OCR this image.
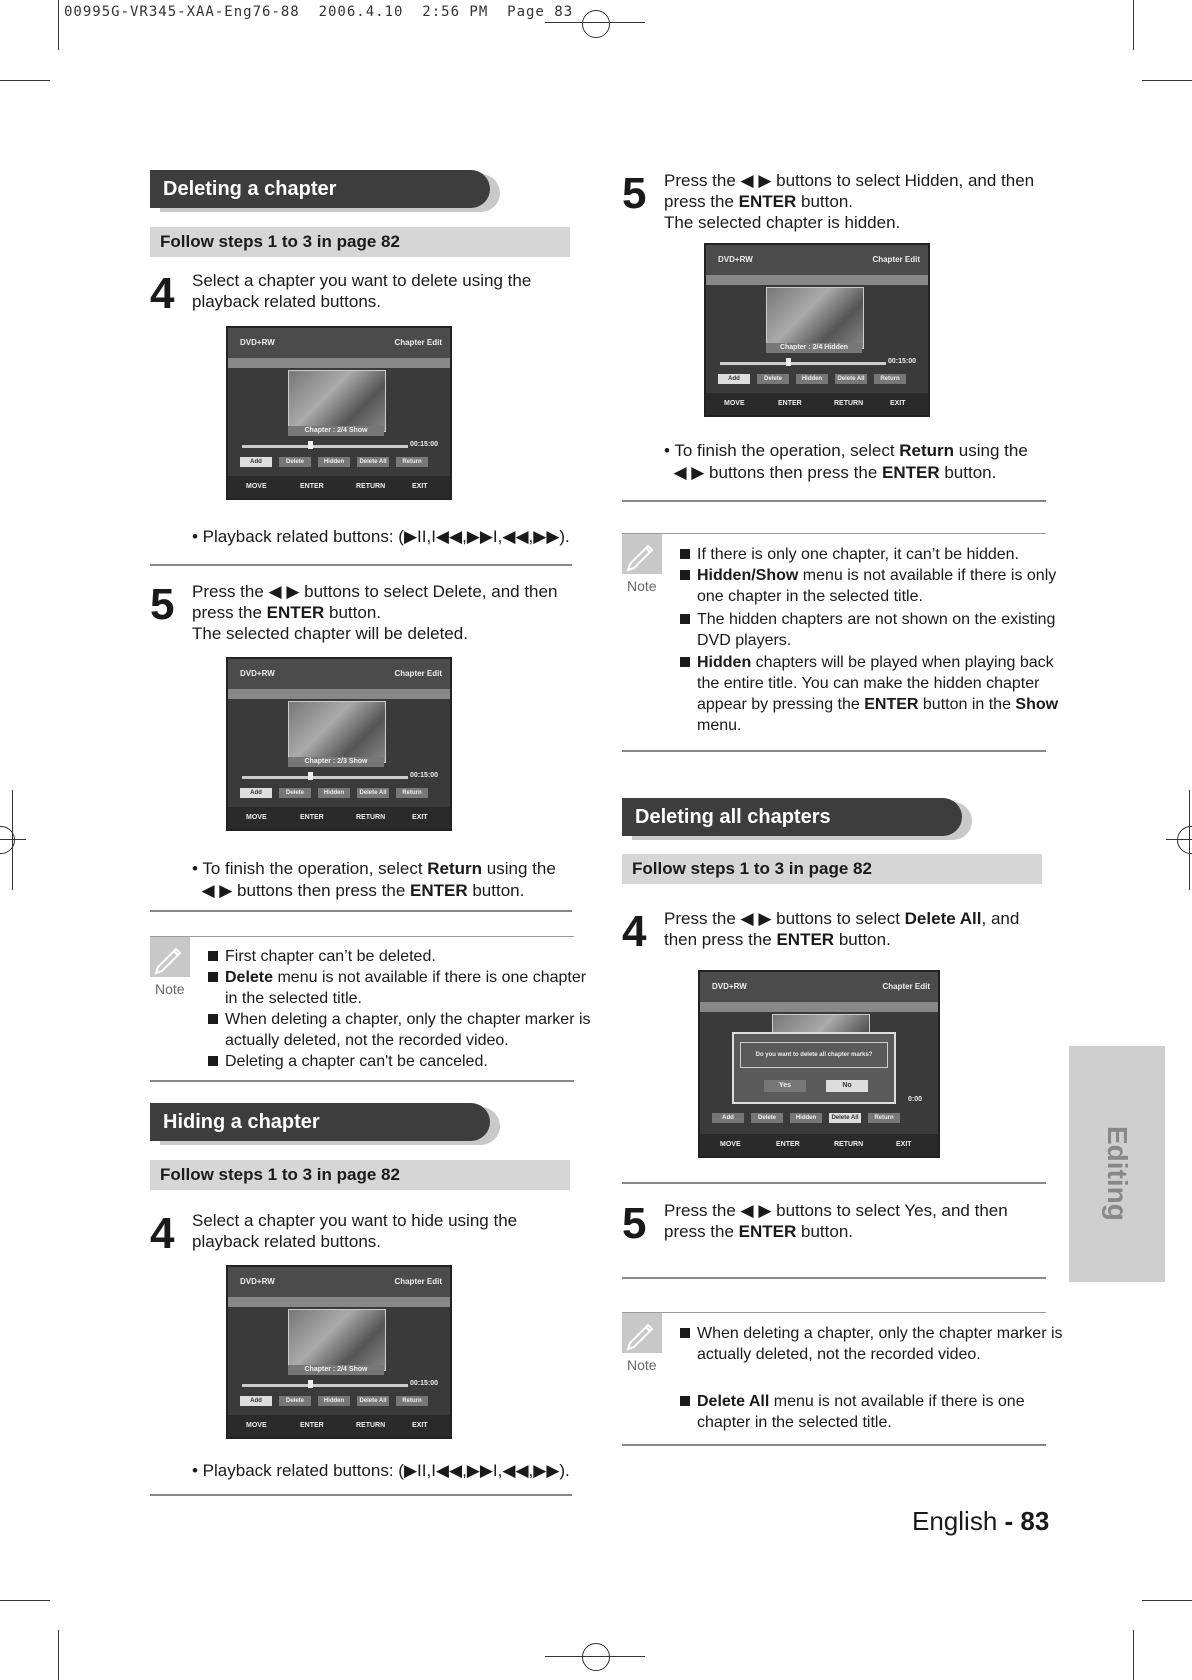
00995G-VR345-XAA-Eng76-88  2006.4.10  2:56 PM  Page 83
Deleting a chapter
Follow steps 1 to 3 in page 82
4 Select a chapter you want to delete using the playback related buttons.
DVD+RW	Chapter Edit
Chapter : 2/4 Show
00:15:00
Add	Delete	Hidden	Delete All	Return
MOVE	ENTER	RETURN	EXIT
• Playback related buttons: (▶II,I◀◀,▶▶I,◀◀,▶▶).
5 Press the ◀ ▶ buttons to select Delete, and then press the ENTER button.
The selected chapter will be deleted.
DVD+RW	Chapter Edit
Chapter : 2/3 Show
00:15:00
Add	Delete	Hidden	Delete All	Return
MOVE	ENTER	RETURN	EXIT
• To finish the operation, select Return using the
◀ ▶ buttons then press the ENTER button.
Note
First chapter can’t be deleted.
Delete menu is not available if there is one chapter in the selected title.
When deleting a chapter, only the chapter marker is actually deleted, not the recorded video.
Deleting a chapter can't be canceled.
Hiding a chapter
Follow steps 1 to 3 in page 82
4 Select a chapter you want to hide using the playback related buttons.
DVD+RW	Chapter Edit
Chapter : 2/4 Show
00:15:00
Add	Delete	Hidden	Delete All	Return
MOVE	ENTER	RETURN	EXIT
• Playback related buttons: (▶II,I◀◀,▶▶I,◀◀,▶▶).
5 Press the ◀ ▶ buttons to select Hidden, and then press the ENTER button.
The selected chapter is hidden.
DVD+RW	Chapter Edit
Chapter : 2/4 Hidden
00:15:00
Add	Delete	Hidden	Delete All	Return
MOVE	ENTER	RETURN	EXIT
• To finish the operation, select Return using the
◀ ▶ buttons then press the ENTER button.
Note
If there is only one chapter, it can’t be hidden.
Hidden/Show menu is not available if there is only one chapter in the selected title.
The hidden chapters are not shown on the existing DVD players.
Hidden chapters will be played when playing back the entire title. You can make the hidden chapter appear by pressing the ENTER button in the Show menu.
Deleting all chapters
Follow steps 1 to 3 in page 82
4 Press the ◀ ▶ buttons to select Delete All, and then press the ENTER button.
DVD+RW	Chapter Edit
Add	Delete	Hidden	Delete All	Return
0:00
Do you want to delete all chapter marks?
Yes	No
MOVE	ENTER	RETURN	EXIT
5 Press the ◀ ▶ buttons to select Yes, and then press the ENTER button.
Note
When deleting a chapter, only the chapter marker is actually deleted, not the recorded video.
Delete All menu is not available if there is one chapter in the selected title.
Editing
English - 83
